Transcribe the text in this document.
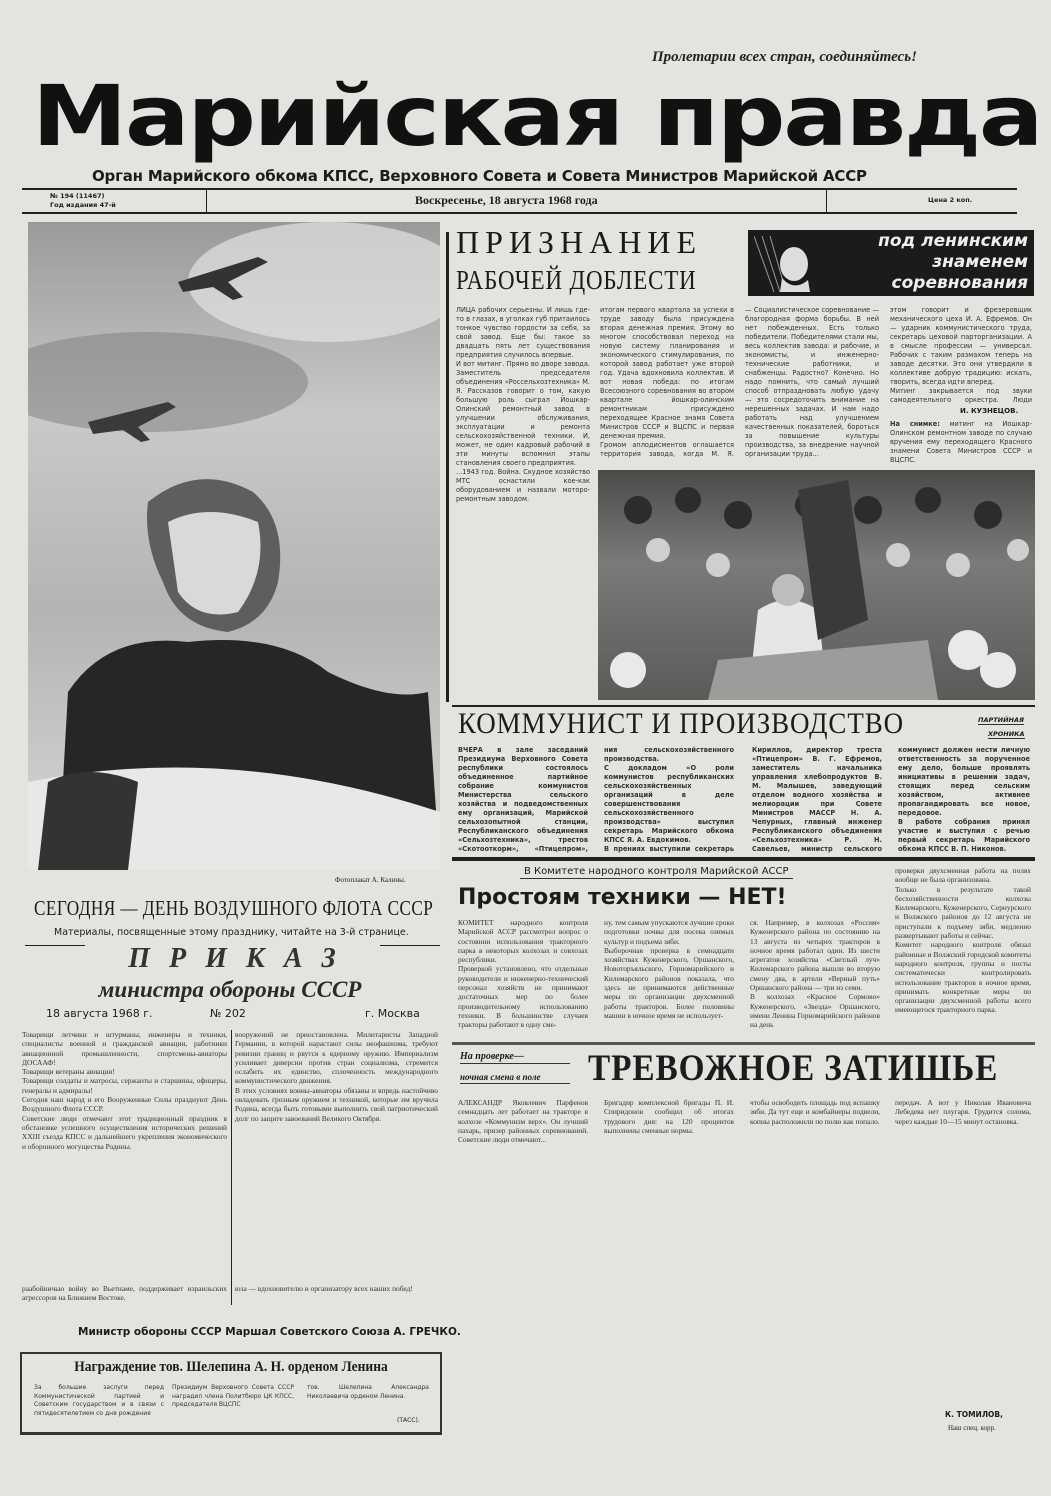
Пролетарии всех стран, соединяйтесь!
Марийская правда
Орган Марийского обкома КПСС, Верховного Совета и Совета Министров Марийской АССР
№ 194 (11467)
Год издания 47-й	Воскресенье, 18 августа 1968 года	Цена 2 коп.
Фотоплакат А. Калины.
СЕГОДНЯ — ДЕНЬ ВОЗДУШНОГО ФЛОТА СССР
Материалы, посвященные этому празднику, читайте на 3-й странице.
П Р И К А З
министра обороны СССР
18 августа 1968 г.	№ 202	г. Москва
Товарищи летчики и штурманы, инженеры и техники, специалисты военной и гражданской авиации, работники авиационной промышленности, спортсмены-авиаторы ДОСААФ!
Товарищи ветераны авиации!
Товарищи солдаты и матросы, сержанты и старшины, офицеры, генералы и адмиралы!
Сегодня наш народ и его Вооруженные Силы празднуют День Воздушного Флота СССР.
Советские люди отмечают этот традиционный праздник в обстановке успешного осуществления исторических решений XXIII съезда КПСС и дальнейшего укрепления экономического и оборонного могущества Родины.
вооружений не приостановлена. Милитаристы Западной Германии, в которой нарастают силы неофашизма, требуют ревизии границ и рвутся к ядерному оружию. Империализм усиливает диверсии против стран социализма, стремится ослабить их единство, сплоченность международного коммунистического движения.
В этих условиях воины-авиаторы обязаны и впредь настойчиво овладевать грозным оружием и техникой, которые им вручила Родина, всегда быть готовыми выполнить свой патриотический долг по защите завоеваний Великого Октября.
раабойничью войну во Вьетнаме, поддерживает израильских агрессоров на Ближнем Востоке.
юза — вдохновителю и организатору всех наших побед!
Министр обороны СССР Маршал Советского Союза А. ГРЕЧКО.
Награждение тов. Шелепина А. Н. орденом Ленина
За большие заслуги перед Коммунистической партией и Советским государством и в связи с пятидесятилетием со дня рождения
Президиум Верховного Совета СССР наградил члена Политбюро ЦК КПСС, председателя ВЦСПС
тов. Шелепина Александра Николаевича орденом Ленина.
(ТАСС).
ПРИЗНАНИЕ
РАБОЧЕЙ ДОБЛЕСТИ
под ленинским
знаменем
соревнования
ЛИЦА рабочих серьезны. И лишь где-то в глазах, в уголках губ притаилось тонкое чувство гордости за себя, за свой завод. Еще бы: такое за двадцать пять лет существования предприятия случилось впервые.
И вот митинг. Прямо во дворе завода. Заместитель председателя объединения «Россельхозтехника» М. Я. Рассказов говорит о том, какую большую роль сыграл Йошкар-Олинский ремонтный завод в улучшении обслуживания, эксплуатации и ремонта сельскохозяйственной техники. И, может, не один кадровый рабочий в эти минуты вспомнил этапы становления своего предприятия.
...1943 год. Война. Скудное хозяйство МТС оснастили кое-как оборудованием и назвали моторо-ремонтным заводом.
итогам первого квартала за успехи в труде заводу была присуждена вторая денежная премия. Этому во многом способствовал переход на новую систему планирования и экономического стимулирования, по которой завод работает уже второй год. Удача вдохновила коллектив. И вот новая победа: по итогам Всесоюзного соревнования во втором квартале йошкар-олинским ремонтникам присуждено переходящее Красное знамя Совета Министров СССР и ВЦСПС и первая денежная премия.
Громом аплодисментов оглашается территория завода, когда М. Я.

— Социалистическое соревнование — благородная форма борьбы. В ней нет побежденных. Есть только победители. Победителями стали мы, весь коллектив завода: и рабочие, и экономисты, и инженерно-технические работники, и снабженцы. Радостно? Конечно. Но надо помнить, что самый лучший способ отпраздновать любую удачу — это сосредоточить внимание на нерешенных задачах. И нам надо работать над улучшением качественных показателей, бороться за повышение культуры производства, за внедрение научной организации труда...

этом говорит и фрезеровщик механического цеха И. А. Ефремов. Он — ударник коммунистического труда, секретарь цеховой парторганизации. А в смысле профессии — универсал. Рабочих с таким размахом теперь на заводе десятки. Это они утвердили в коллективе добрую традицию: искать, творить, всегда идти вперед.
Митинг закрывается под звуки самодеятельного оркестра. Люди
И. КУЗНЕЦОВ.
На снимке: митинг на Йошкар-Олинском ремонтном заводе по случаю вручения ему переходящего Красного знамени Совета Министров СССР и ВЦСПС.
КОММУНИСТ И ПРОИЗВОДСТВО	ПАРТИЙНАЯ
ХРОНИКА
ВЧЕРА в зале заседаний Президиума Верховного Совета республики состоялось объединенное партийное собрание коммунистов Министерства сельского хозяйства и подведомственных ему организаций, Марийской сельхозопытной станции, Республиканского объединения «Сельхозтехника», трестов «Скотооткорм», «Птицепром»,
ния сельскохозяйственного производства.
С докладом «О роли коммунистов республиканских сельскохозяйственных организаций в деле совершенствования сельскохозяйственного производства» выступил секретарь Марийского обкома КПСС Я. А. Евдокимов.
В прениях выступили секретарь
Кириллов, директор треста «Птицепром» В. Г. Ефремов, заместитель начальника управления хлебопродуктов В. М. Малышев, заведующий отделом водного хозяйства и мелиорации при Совете Министров МАССР Н. А. Чепурных, главный инженер Республиканского объединения «Сельхозтехника» Р. Н. Савельев, министр сельского
коммунист должен нести личную ответственность за порученное ему дело, больше проявлять инициативы в решении задач, стоящих перед сельским хозяйством, активнее пропагандировать все новое, передовое.
В работе собрания принял участие и выступил с речью первый секретарь Марийского обкома КПСС В. П. Никонов.

В Комитете народного контроля Марийской АССР
Простоям техники — НЕТ!
КОМИТЕТ народного контроля Марийской АССР рассмотрел вопрос о состоянии использования тракторного парка в некоторых колхозах и совхозах республики.
Проверкой установлено, что отдельные руководители и инженерно-технический персонал хозяйств не принимают достаточных мер по более производительному использованию техники. В большинстве случаев тракторы работают в одну сме-
ну, тем самым упускаются лучшие сроки подготовки почвы для посева озимых культур и подъема зяби.
Выборочная проверка в семнадцати хозяйствах Куженерского, Оршанского, Новоторъяльского, Горномарийского и Килемарского районов показала, что здесь не принимаются действенные меры по организации двухсменной работы тракторов. Более половины машин в ночное время не использует-
ся. Например, в колхозах «Россия» Куженерского района по состоянию на 13 августа из четырех тракторов в ночное время работал один. Из шести агрегатов хозяйства «Светлый луч» Килемарского района вышли во вторую смену два, в артели «Верный путь» Оршанского района — три из семи.
В колхозах «Красное Сормово» Куженерского, «Звезда» Оршанского, имени Ленина Горномарийского районов на день
проверки двухсменная работа на полях вообще не была организована.
Только в результате такой бесхозяйственности колхозы Килемарского, Куженерского, Сернурского и Волжского районов до 12 августа не приступали к подъему зяби, медленно развертывают работы и сейчас.
Комитет народного контроля обязал районные и Волжский городской комитеты народного контроля, группы и посты систематически контролировать использование тракторов в ночное время, принимать конкретные меры по организации двухсменной работы всего имеющегося тракторного парка.
На проверке—
ночная смена в поле	ТРЕВОЖНОЕ ЗАТИШЬЕ
АЛЕКСАНДР Яковлевич Парфенов семнадцать лет работает на тракторе в колхозе «Коммунизм верх». Он лучший пахарь, призер районных соревнований. Советские люди отмечают...
Бригадир комплексной бригады П. И. Спиридонов сообщил об итогах трудового дня: на 120 процентов выполнены сменные нормы.
чтобы освободить площадь под вспашку зяби. Да тут еще и комбайнеры подвели, копны расположили по полю как попало.
передач. А вот у Николая Ивановича Лебедева нет плугаря. Грудится солома, через каждые 10—15 минут остановка.
К. ТОМИЛОВ,
Наш спец. корр.
